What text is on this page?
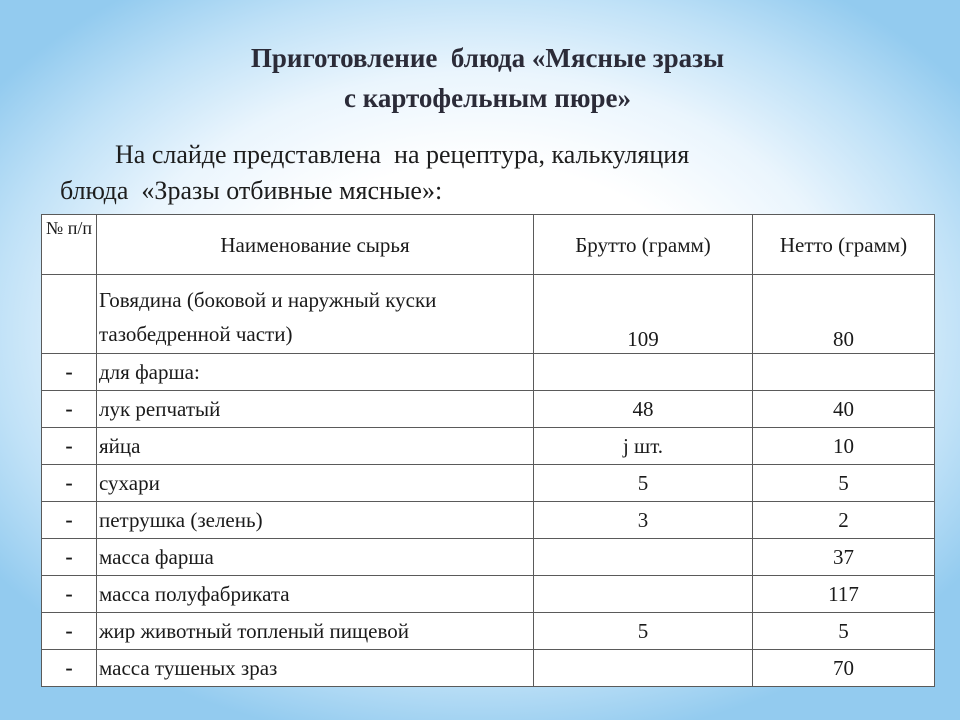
Приготовление  блюда «Мясные зразы
с картофельным пюре»
На слайде представлена  на рецептура, калькуляция
блюда  «Зразы отбивные мясные»:
№ п/п	Наименование сырья	Брутто (грамм)	Нетто (грамм)
	Говядина (боковой и наружный куски тазобедренной части)	109	80
-	для фарша:		
-	лук репчатый	48	40
-	яйца	j шт.	10
-	сухари	5	5
-	петрушка (зелень)	3	2
-	масса фарша		37
-	масса полуфабриката		117
-	жир животный топленый пищевой	5	5
-	масса тушеных зраз		70
